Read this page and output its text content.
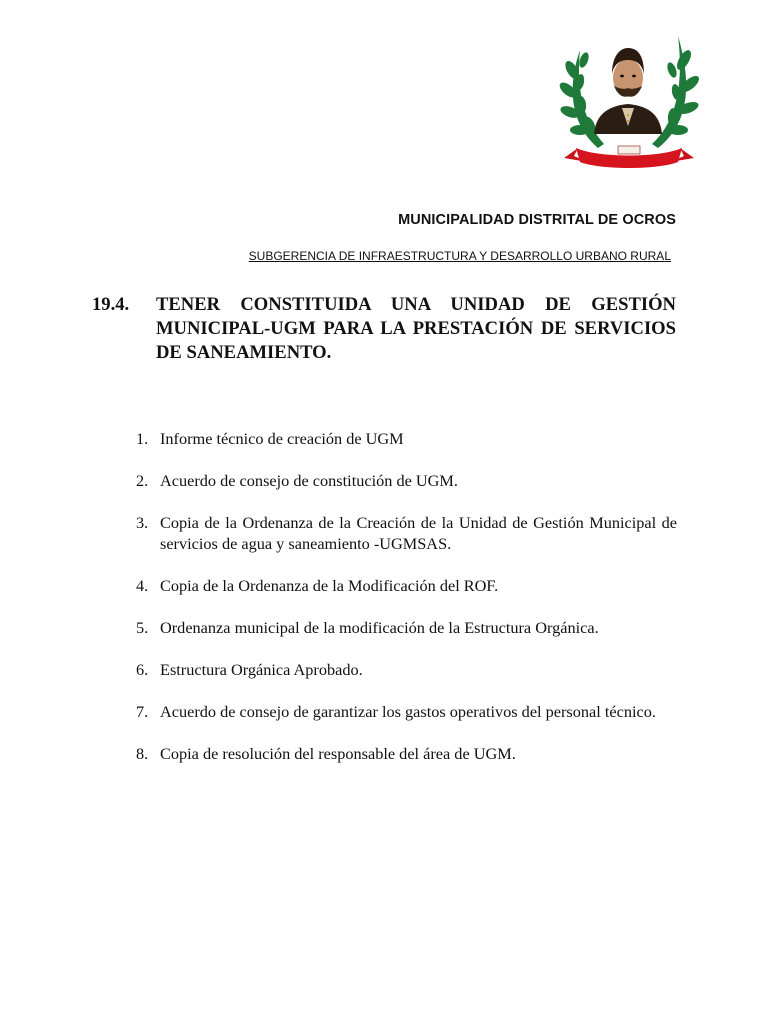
MUNICIPALIDAD DISTRITAL DE OCROS
SUBGERENCIA DE INFRAESTRUCTURA Y DESARROLLO URBANO RURAL
19.4. TENER CONSTITUIDA UNA UNIDAD DE GESTIÓN MUNICIPAL-UGM PARA LA PRESTACIÓN DE SERVICIOS DE SANEAMIENTO.
1. Informe técnico de creación de UGM
2. Acuerdo de consejo de constitución de UGM.
3. Copia de la Ordenanza de la Creación de la Unidad de Gestión Municipal de servicios de agua y saneamiento -UGMSAS.
4. Copia de la Ordenanza de la Modificación del ROF.
5. Ordenanza municipal de la modificación de la Estructura Orgánica.
6. Estructura Orgánica Aprobado.
7. Acuerdo de consejo de garantizar los gastos operativos del personal técnico.
8. Copia de resolución del responsable del área de UGM.
